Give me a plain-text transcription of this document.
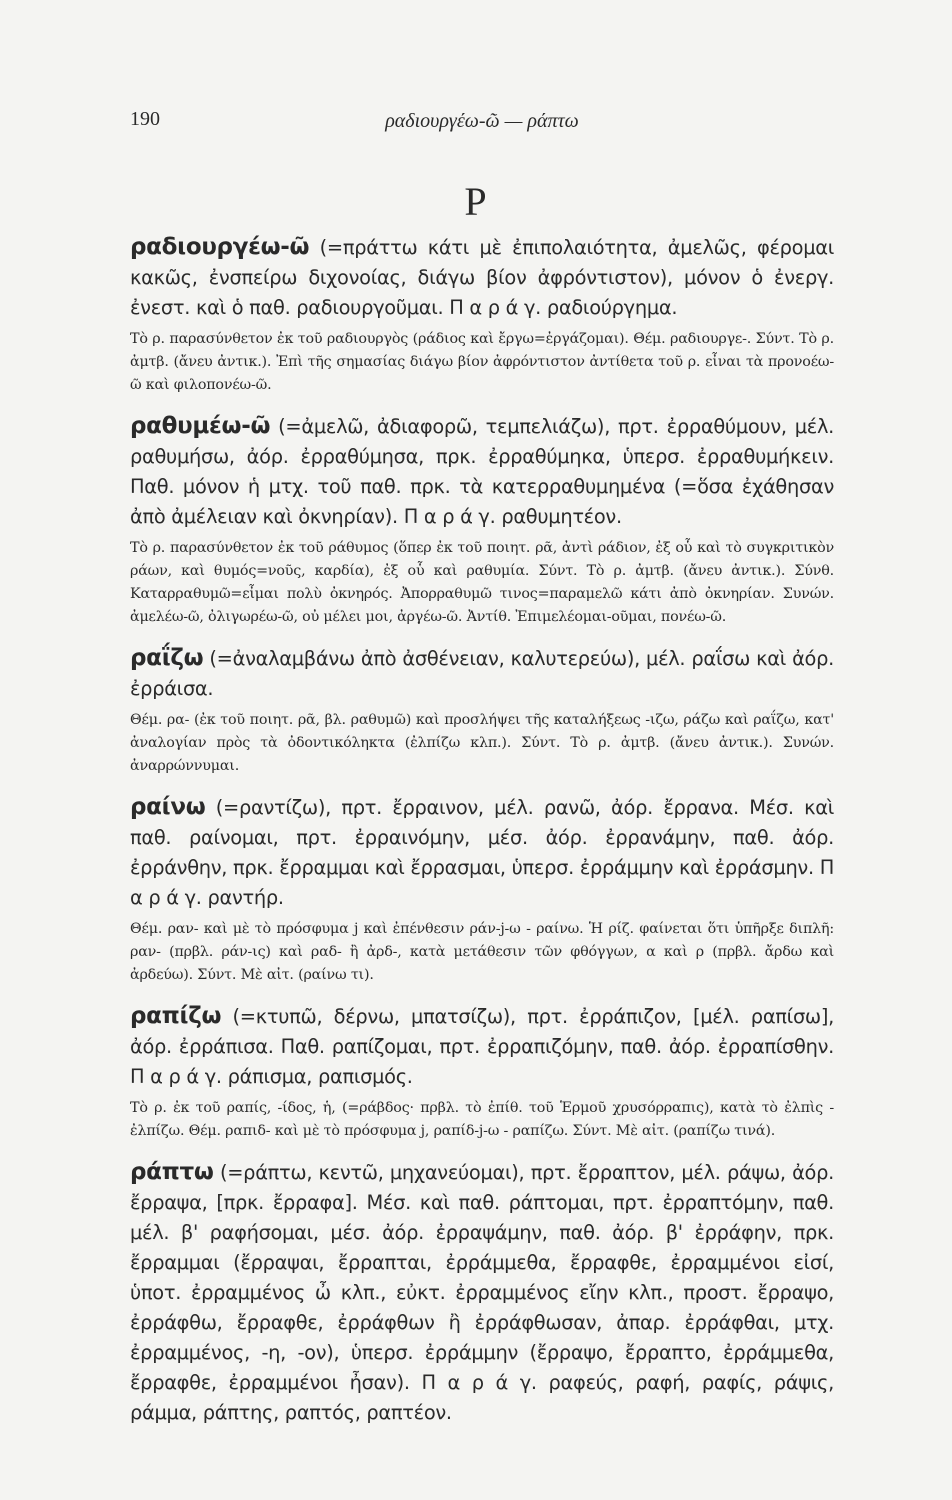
190	ραδιουργέω-ῶ — ράπτω
Ρ

ραδιουργέω-ῶ (=πράττω κάτι μὲ ἐπιπολαιότητα, ἀμελῶς, φέρομαι κακῶς, ἐνσπείρω διχονοίας, διάγω βίον ἀφρόντιστον), μόνον ὁ ἐνεργ. ἐνεστ. καὶ ὁ παθ. ραδιουργοῦμαι. Π α ρ ά γ. ραδιούργημα.

Τὸ ρ. παρασύνθετον ἐκ τοῦ ραδιουργὸς (ράδιος καὶ ἔργω=ἐργάζομαι). Θέμ. ραδιουργε-. Σύντ. Τὸ ρ. ἀμτβ. (ἄνευ ἀντικ.). Ἐπὶ τῆς σημασίας διάγω βίον ἀφρόντιστον ἀντίθετα τοῦ ρ. εἶναι τὰ προνοέω-ῶ καὶ φιλοπονέω-ῶ.

ραθυμέω-ῶ (=ἀμελῶ, ἀδιαφορῶ, τεμπελιάζω), πρτ. ἐρραθύμουν, μέλ. ραθυμήσω, ἀόρ. ἐρραθύμησα, πρκ. ἐρραθύμηκα, ὑπερσ. ἐρραθυμήκειν. Παθ. μόνον ἡ μτχ. τοῦ παθ. πρκ. τὰ κατερραθυμημένα (=ὅσα ἐχάθησαν ἀπὸ ἀμέλειαν καὶ ὀκνηρίαν). Π α ρ ά γ. ραθυμητέον.

Τὸ ρ. παρασύνθετον ἐκ τοῦ ράθυμος (ὅπερ ἐκ τοῦ ποιητ. ρᾶ, ἀντὶ ράδιον, ἐξ οὗ καὶ τὸ συγκριτικὸν ράων, καὶ θυμός=νοῦς, καρδία), ἐξ οὗ καὶ ραθυμία. Σύντ. Τὸ ρ. ἀμτβ. (ἄνευ ἀντικ.). Σύνθ. Καταρραθυμῶ=εἶμαι πολὺ ὀκνηρός. Ἀπορραθυμῶ τινος=παραμελῶ κάτι ἀπὸ ὀκνηρίαν. Συνών. ἀμελέω-ῶ, ὀλιγωρέω-ῶ, οὐ μέλει μοι, ἀργέω-ῶ. Ἀντίθ. Ἐπιμελέομαι-οῦμαι, πονέω-ῶ.

ραΐζω (=ἀναλαμβάνω ἀπὸ ἀσθένειαν, καλυτερεύω), μέλ. ραΐσω καὶ ἀόρ. ἐρράισα.

Θέμ. ρα- (ἐκ τοῦ ποιητ. ρᾶ, βλ. ραθυμῶ) καὶ προσλήψει τῆς καταλήξεως -ιζω, ράζω καὶ ραΐζω, κατ' ἀναλογίαν πρὸς τὰ ὀδοντικόληκτα (ἐλπίζω κλπ.). Σύντ. Τὸ ρ. ἀμτβ. (ἄνευ ἀντικ.). Συνών. ἀναρρώννυμαι.

ραίνω (=ραντίζω), πρτ. ἔρραινον, μέλ. ρανῶ, ἀόρ. ἔρρανα. Μέσ. καὶ παθ. ραίνομαι, πρτ. ἐρραινόμην, μέσ. ἀόρ. ἐρρανάμην, παθ. ἀόρ. ἐρράνθην, πρκ. ἔρραμμαι καὶ ἔρρασμαι, ὑπερσ. ἐρράμμην καὶ ἐρράσμην. Π α ρ ά γ. ραντήρ.

Θέμ. ραν- καὶ μὲ τὸ πρόσφυμα j καὶ ἐπένθεσιν ράν-j-ω - ραίνω. Ἡ ρίζ. φαίνεται ὅτι ὑπῆρξε διπλῆ: ραν- (πρβλ. ράν-ις) καὶ ραδ- ἢ ἀρδ-, κατὰ μετάθεσιν τῶν φθόγγων, α καὶ ρ (πρβλ. ἄρδω καὶ ἀρδεύω). Σύντ. Μὲ αἰτ. (ραίνω τι).

ραπίζω (=κτυπῶ, δέρνω, μπατσίζω), πρτ. ἐρράπιζον, [μέλ. ραπίσω], ἀόρ. ἐρράπισα. Παθ. ραπίζομαι, πρτ. ἐρραπιζόμην, παθ. ἀόρ. ἐρραπίσθην. Π α ρ ά γ. ράπισμα, ραπισμός.

Τὸ ρ. ἐκ τοῦ ραπίς, -ίδος, ἡ, (=ράβδος· πρβλ. τὸ ἐπίθ. τοῦ Ἑρμοῦ χρυσόρραπις), κατὰ τὸ ἐλπὶς - ἐλπίζω. Θέμ. ραπιδ- καὶ μὲ τὸ πρόσφυμα j, ραπίδ-j-ω - ραπίζω. Σύντ. Μὲ αἰτ. (ραπίζω τινά).

ράπτω (=ράπτω, κεντῶ, μηχανεύομαι), πρτ. ἔρραπτον, μέλ. ράψω, ἀόρ. ἔρραψα, [πρκ. ἔρραφα]. Μέσ. καὶ παθ. ράπτομαι, πρτ. ἐρραπτόμην, παθ. μέλ. β' ραφήσομαι, μέσ. ἀόρ. ἐρραψάμην, παθ. ἀόρ. β' ἐρράφην, πρκ. ἔρραμμαι (ἔρραψαι, ἔρραπται, ἐρράμμεθα, ἔρραφθε, ἐρραμμένοι εἰσί, ὑποτ. ἐρραμμένος ὦ κλπ., εὐκτ. ἐρραμμένος εἴην κλπ., προστ. ἔρραψο, ἐρράφθω, ἔρραφθε, ἐρράφθων ἢ ἐρράφθωσαν, ἀπαρ. ἐρράφθαι, μτχ. ἐρραμμένος, -η, -ον), ὑπερσ. ἐρράμμην (ἔρραψο, ἔρραπτο, ἐρράμμεθα, ἔρραφθε, ἐρραμμένοι ἦσαν). Π α ρ ά γ. ραφεύς, ραφή, ραφίς, ράψις, ράμμα, ράπτης, ραπτός, ραπτέον.
